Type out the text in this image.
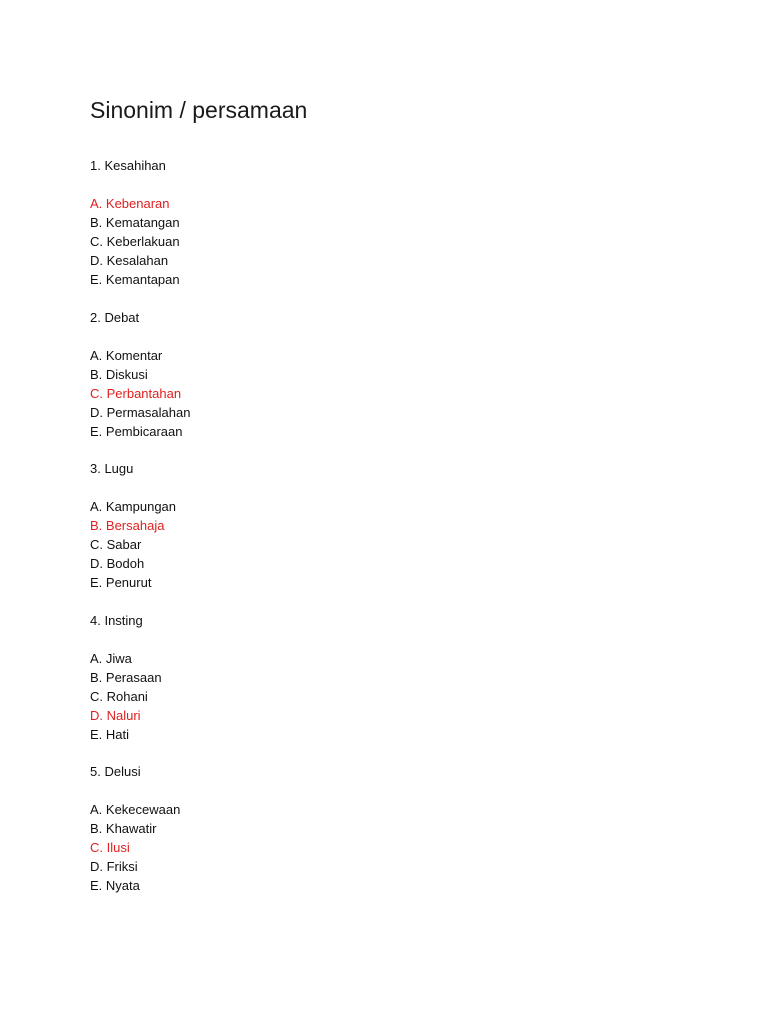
Sinonim / persamaan
1. Kesahihan
A. Kebenaran
B. Kematangan
C. Keberlakuan
D. Kesalahan
E. Kemantapan
2. Debat
A. Komentar
B. Diskusi
C. Perbantahan
D. Permasalahan
E. Pembicaraan
3. Lugu
A. Kampungan
B. Bersahaja
C. Sabar
D. Bodoh
E. Penurut
4. Insting
A. Jiwa
B. Perasaan
C. Rohani
D. Naluri
E. Hati
5. Delusi
A. Kekecewaan
B. Khawatir
C. Ilusi
D. Friksi
E. Nyata
